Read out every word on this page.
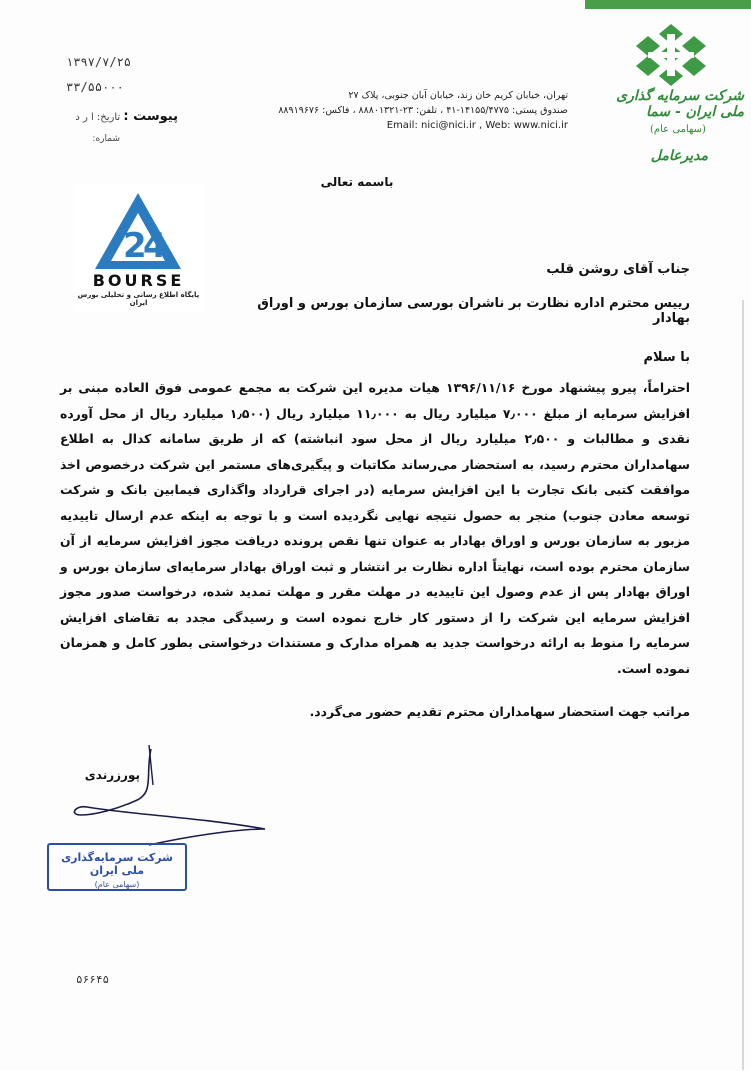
شرکت سرمایه گذاری ملی ایران - سما
(سهامی عام)
مدیرعامل
تهران، خیابان کریم خان زند، خیابان آبان جنوبی، پلاک ۲۷
صندوق پستی: ۱۴۱۵۵/۴۷۷۵-۴۱ ، تلفن: ۲۳-۸۸۸۰۱۳۲۱ ، فاکس: ۸۸۹۱۹۶۷۶
Email: nici@nici.ir , Web: www.nici.ir
۱۳۹۷/۷/۲۵
۳۳/۵۵۰۰۰
پیوست : تاریخ: ا ر د
شماره:
باسمه تعالی
2
4
BOURSE
پایگاه اطلاع رسانی و تحلیلی بورس ایران
جناب آقای روشن قلب
رییس محترم اداره نظارت بر ناشران بورسی سازمان بورس و اوراق بهادار
با سلام

احتراماً، پیرو پیشنهاد مورخ ۱۳۹۶/۱۱/۱۶ هیات مدیره این شرکت به مجمع عمومی فوق العاده مبنی بر افزایش سرمایه از مبلغ ۷٫۰۰۰ میلیارد ریال به ۱۱٫۰۰۰ میلیارد ریال (۱٫۵۰۰ میلیارد ریال از محل آورده نقدی و مطالبات و ۲٫۵۰۰ میلیارد ریال از محل سود انباشته) که از طریق سامانه کدال به اطلاع سهامداران محترم رسید، به استحضار می‌رساند مکاتبات و پیگیری‌های مستمر این شرکت درخصوص اخذ موافقت کتبی بانک تجارت با این افزایش سرمایه (در اجرای قرارداد واگذاری فیمابین بانک و شرکت توسعه معادن جنوب) منجر به حصول نتیجه نهایی نگردیده است و با توجه به اینکه عدم ارسال تاییدیه مزبور به سازمان بورس و اوراق بهادار به عنوان تنها نقص پرونده دریافت مجوز افزایش سرمایه از آن سازمان محترم بوده است، نهایتاً اداره نظارت بر انتشار و ثبت اوراق بهادار سرمایه‌ای سازمان بورس و اوراق بهادار پس از عدم وصول این تاییدیه در مهلت مقرر و مهلت تمدید شده، درخواست صدور مجوز افزایش سرمایه این شرکت را از دستور کار خارج نموده است و رسیدگی مجدد به تقاضای افزایش سرمایه را منوط به ارائه درخواست جدید به همراه مدارک و مستندات درخواستی بطور کامل و همزمان نموده است.

مراتب جهت استحضار سهامداران محترم تقدیم حضور می‌گردد.
پورزرندی
شرکت سرمایه‌گذاری ملی ایران
(سهامی عام)
۵۶۶۴۵
